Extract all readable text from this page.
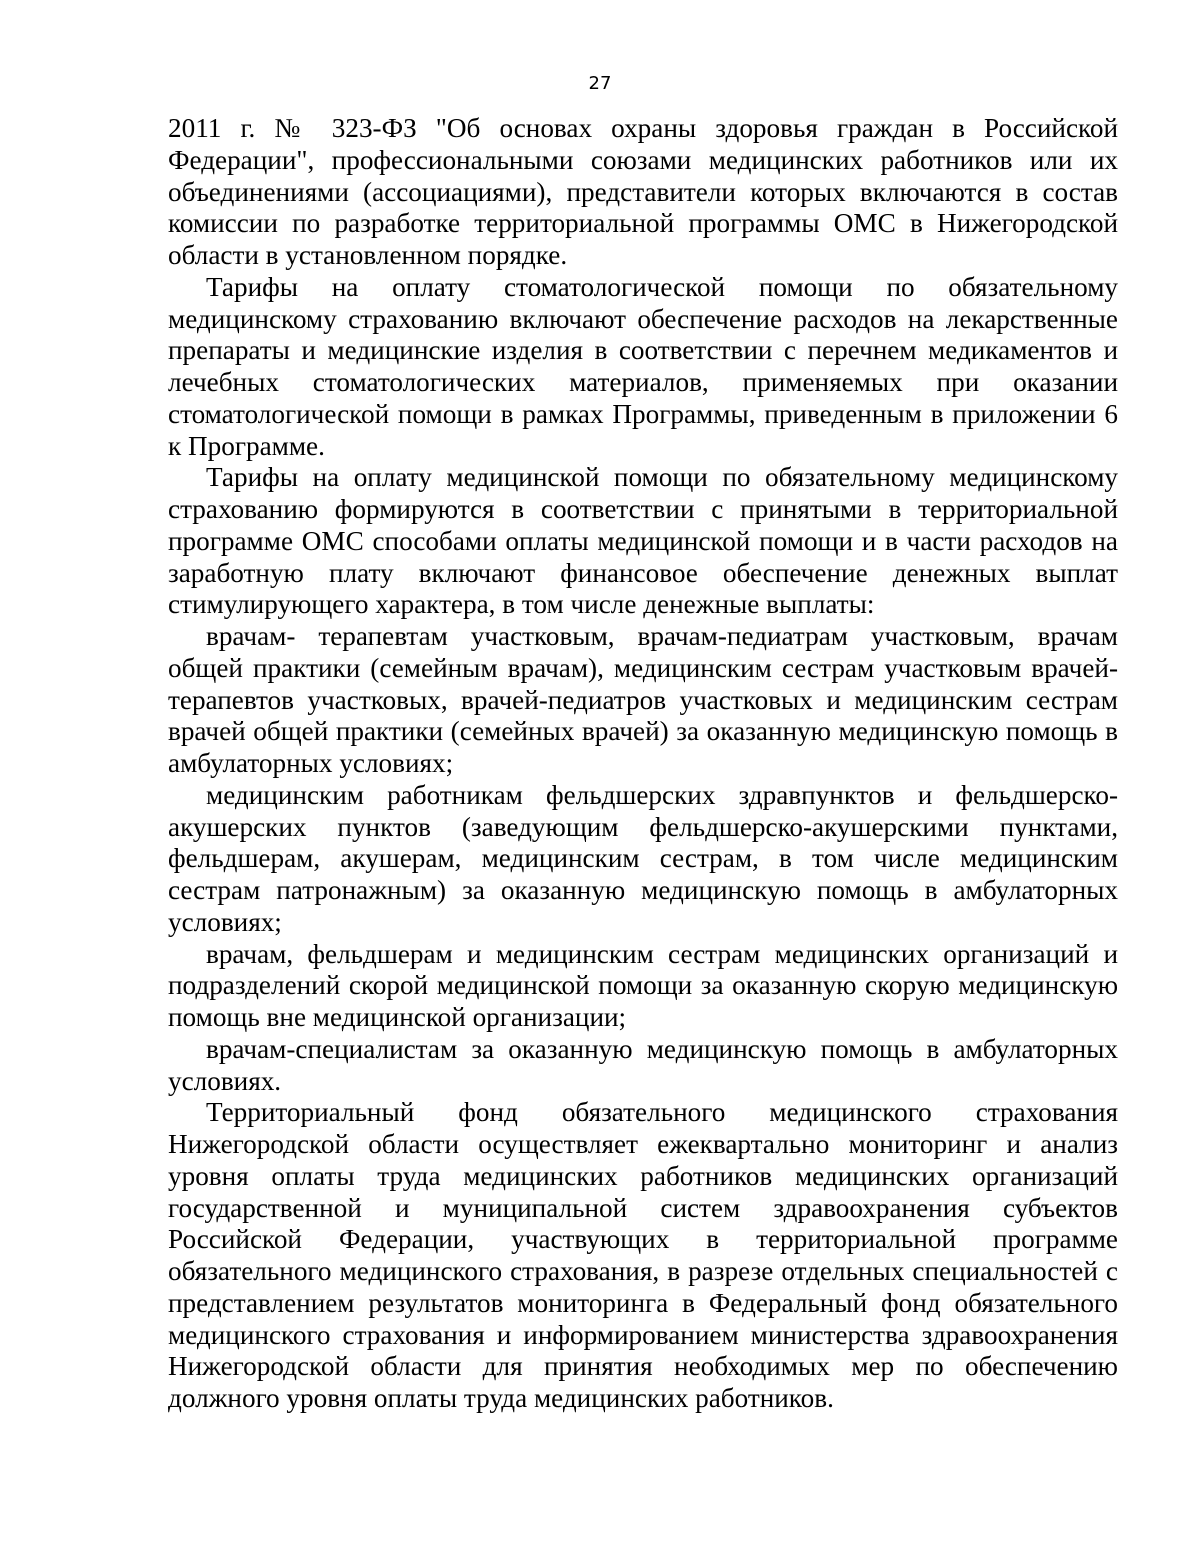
27

2011 г. № 323-ФЗ "Об основах охраны здоровья граждан в Российской Федерации", профессиональными союзами медицинских работников или их объединениями (ассоциациями), представители которых включаются в состав комиссии по разработке территориальной программы ОМС в Нижегородской области в установленном порядке.

Тарифы на оплату стоматологической помощи по обязательному медицинскому страхованию включают обеспечение расходов на лекарственные препараты и медицинские изделия в соответствии с перечнем медикаментов и лечебных стоматологических материалов, применяемых при оказании стоматологической помощи в рамках Программы, приведенным в приложении 6 к Программе.

Тарифы на оплату медицинской помощи по обязательному медицинскому страхованию формируются в соответствии с принятыми в территориальной программе ОМС способами оплаты медицинской помощи и в части расходов на заработную плату включают финансовое обеспечение денежных выплат стимулирующего характера, в том числе денежные выплаты:

врачам- терапевтам участковым, врачам-педиатрам участковым, врачам общей практики (семейным врачам), медицинским сестрам участковым врачей-терапевтов участковых, врачей-педиатров участковых и медицинским сестрам врачей общей практики (семейных врачей) за оказанную медицинскую помощь в амбулаторных условиях;

медицинским работникам фельдшерских здравпунктов и фельдшерско-акушерских пунктов (заведующим фельдшерско-акушерскими пунктами, фельдшерам, акушерам, медицинским сестрам, в том числе медицинским сестрам патронажным) за оказанную медицинскую помощь в амбулаторных условиях;

врачам, фельдшерам и медицинским сестрам медицинских организаций и подразделений скорой медицинской помощи за оказанную скорую медицинскую помощь вне медицинской организации;

врачам-специалистам за оказанную медицинскую помощь в амбулаторных условиях.

Территориальный фонд обязательного медицинского страхования Нижегородской области осуществляет ежеквартально мониторинг и анализ уровня оплаты труда медицинских работников медицинских организаций государственной и муниципальной систем здравоохранения субъектов Российской Федерации, участвующих в территориальной программе обязательного медицинского страхования, в разрезе отдельных специальностей с представлением результатов мониторинга в Федеральный фонд обязательного медицинского страхования и информированием министерства здравоохранения Нижегородской области для принятия необходимых мер по обеспечению должного уровня оплаты труда медицинских работников.
